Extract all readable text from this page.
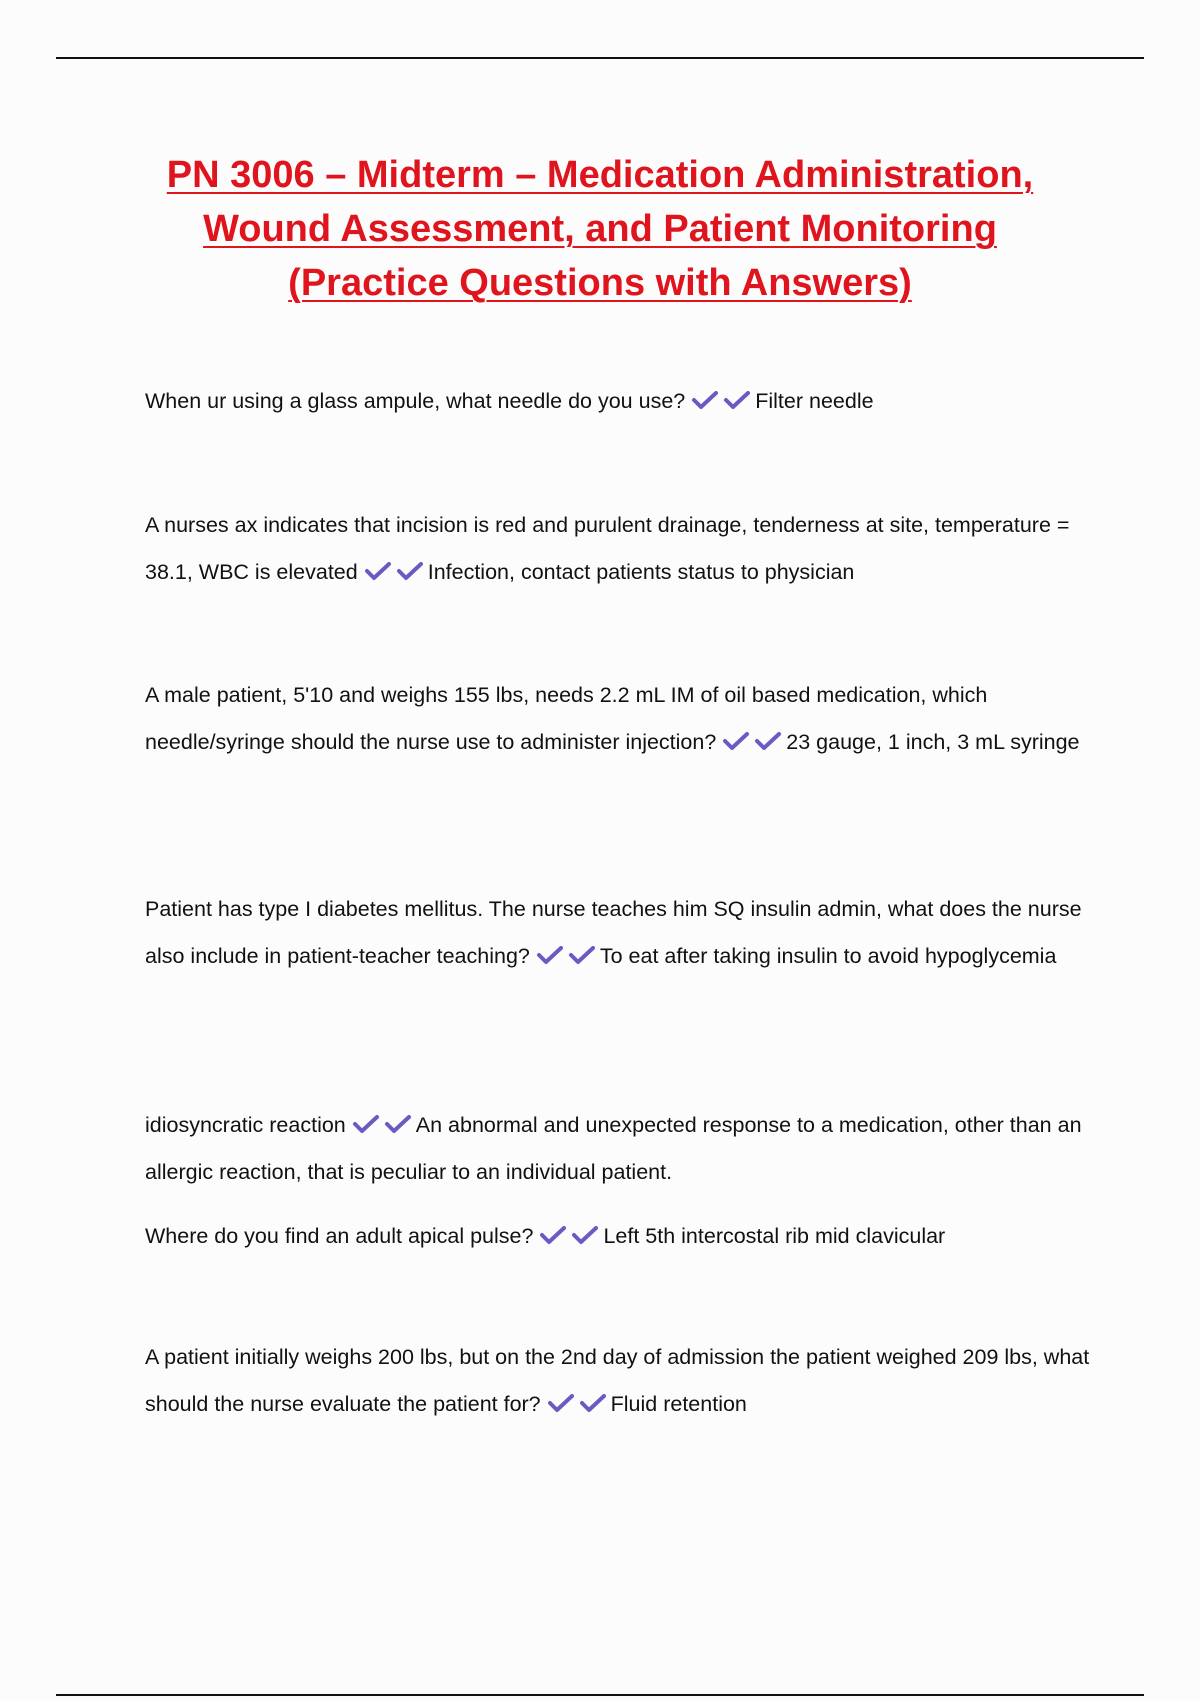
PN 3006 – Midterm – Medication Administration,
Wound Assessment, and Patient Monitoring
(Practice Questions with Answers)
When ur using a glass ampule, what needle do you use?	Filter needle
A nurses ax indicates that incision is red and purulent drainage, tenderness at site, temperature = 38.1, WBC is elevated	Infection, contact patients status to physician
A male patient, 5'10 and weighs 155 lbs, needs 2.2 mL IM of oil based medication, which needle/syringe should the nurse use to administer injection?	23 gauge, 1 inch, 3 mL syringe
Patient has type I diabetes mellitus. The nurse teaches him SQ insulin admin, what does the nurse also include in patient-teacher teaching?	To eat after taking insulin to avoid hypoglycemia
idiosyncratic reaction	An abnormal and unexpected response to a medication, other than an allergic reaction, that is peculiar to an individual patient.
Where do you find an adult apical pulse?	Left 5th intercostal rib mid clavicular
A patient initially weighs 200 lbs, but on the 2nd day of admission the patient weighed 209 lbs, what should the nurse evaluate the patient for?	Fluid retention
